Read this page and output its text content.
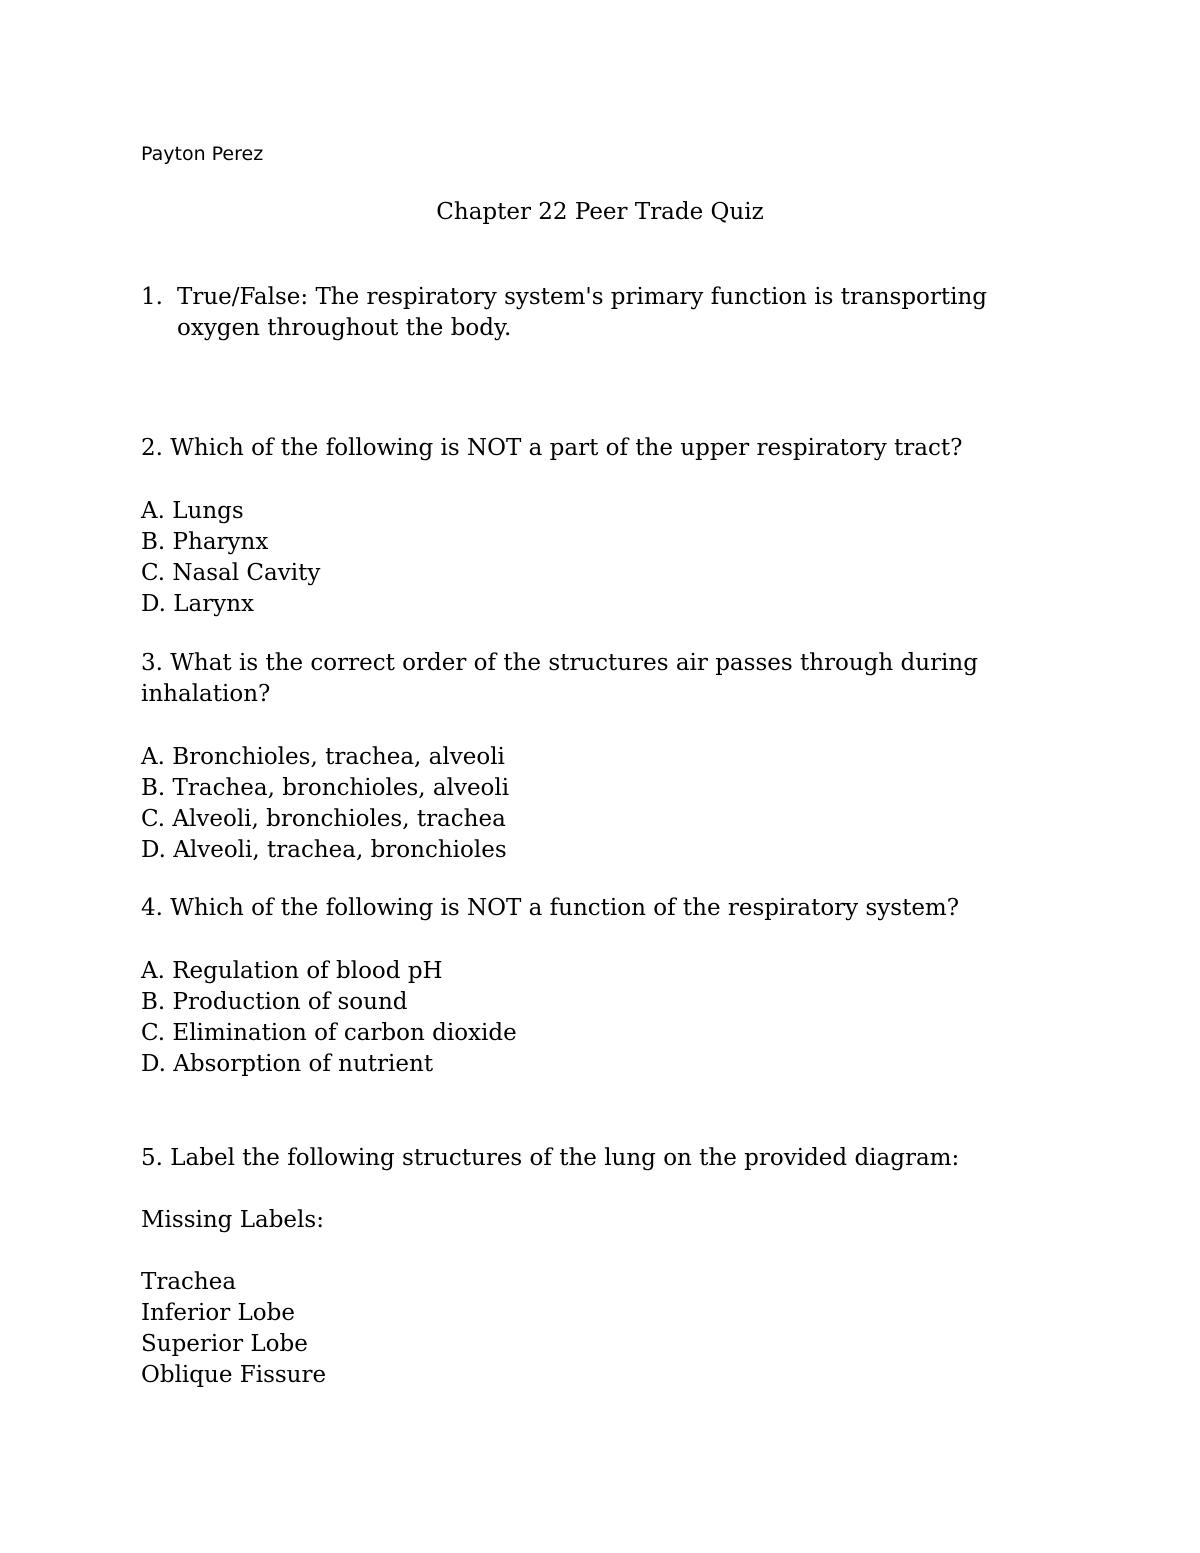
Payton Perez
Chapter 22 Peer Trade Quiz
1. True/False: The respiratory system's primary function is transporting oxygen throughout the body.
2. Which of the following is NOT a part of the upper respiratory tract?
A. Lungs
B. Pharynx
C. Nasal Cavity
D. Larynx
3. What is the correct order of the structures air passes through during
inhalation?
A. Bronchioles, trachea, alveoli
B. Trachea, bronchioles, alveoli
C. Alveoli, bronchioles, trachea
D. Alveoli, trachea, bronchioles
4. Which of the following is NOT a function of the respiratory system?
A. Regulation of blood pH
B. Production of sound
C. Elimination of carbon dioxide
D. Absorption of nutrient
5. Label the following structures of the lung on the provided diagram:
Missing Labels:
Trachea
Inferior Lobe
Superior Lobe
Oblique Fissure
